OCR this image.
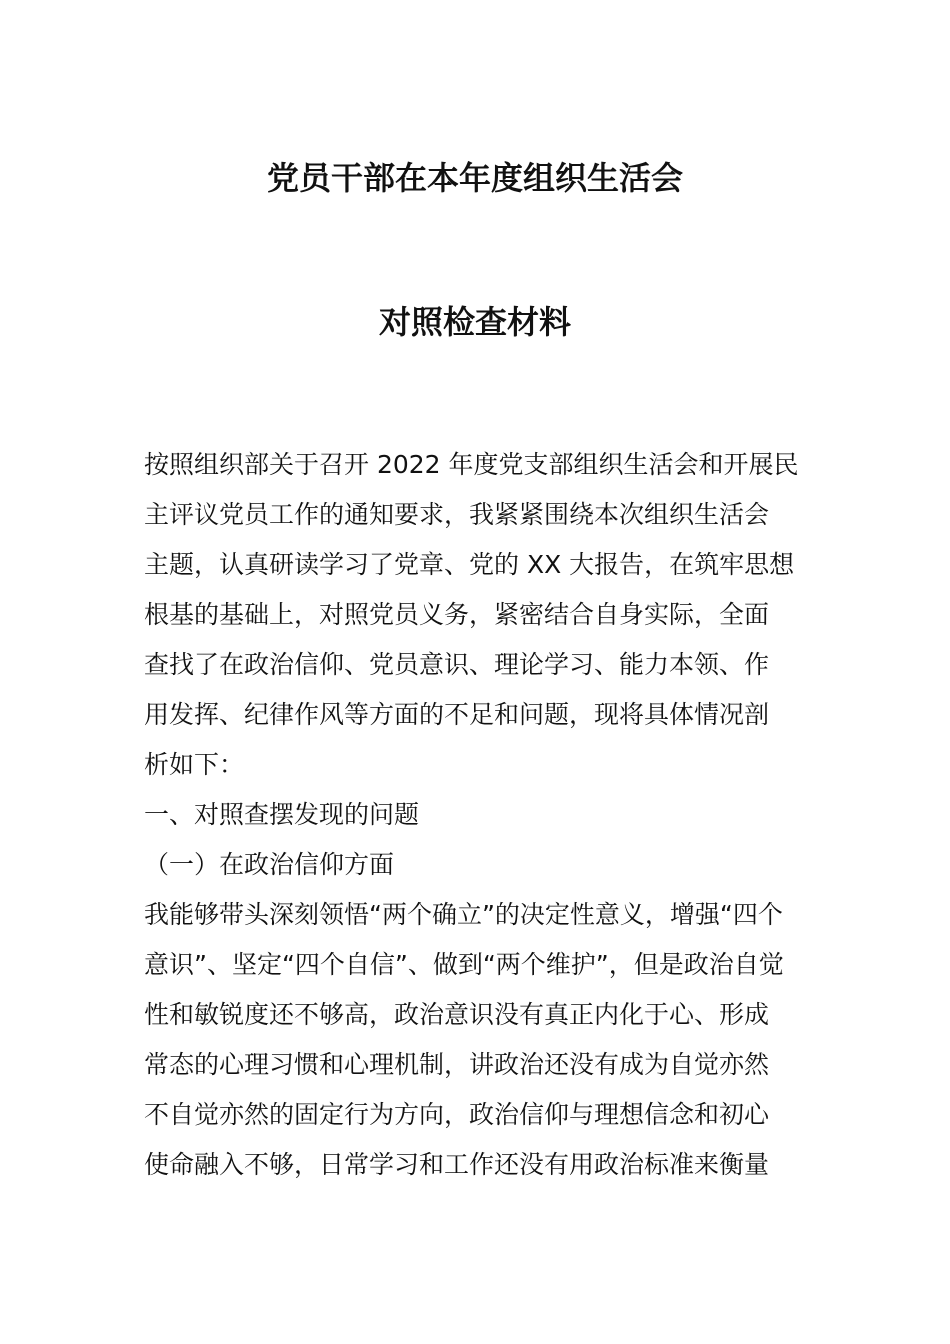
党员干部在本年度组织生活会
对照检查材料
按照组织部关于召开 2022 年度党支部组织生活会和开展民
主评议党员工作的通知要求，我紧紧围绕本次组织生活会
主题，认真研读学习了党章、党的 XX 大报告，在筑牢思想
根基的基础上，对照党员义务，紧密结合自身实际，全面
查找了在政治信仰、党员意识、理论学习、能力本领、作
用发挥、纪律作风等方面的不足和问题，现将具体情况剖
析如下：
一、对照查摆发现的问题
（一）在政治信仰方面
我能够带头深刻领悟“两个确立”的决定性意义，增强“四个
意识”、坚定“四个自信”、做到“两个维护”，但是政治自觉
性和敏锐度还不够高，政治意识没有真正内化于心、形成
常态的心理习惯和心理机制，讲政治还没有成为自觉亦然
不自觉亦然的固定行为方向，政治信仰与理想信念和初心
使命融入不够，日常学习和工作还没有用政治标准来衡量
